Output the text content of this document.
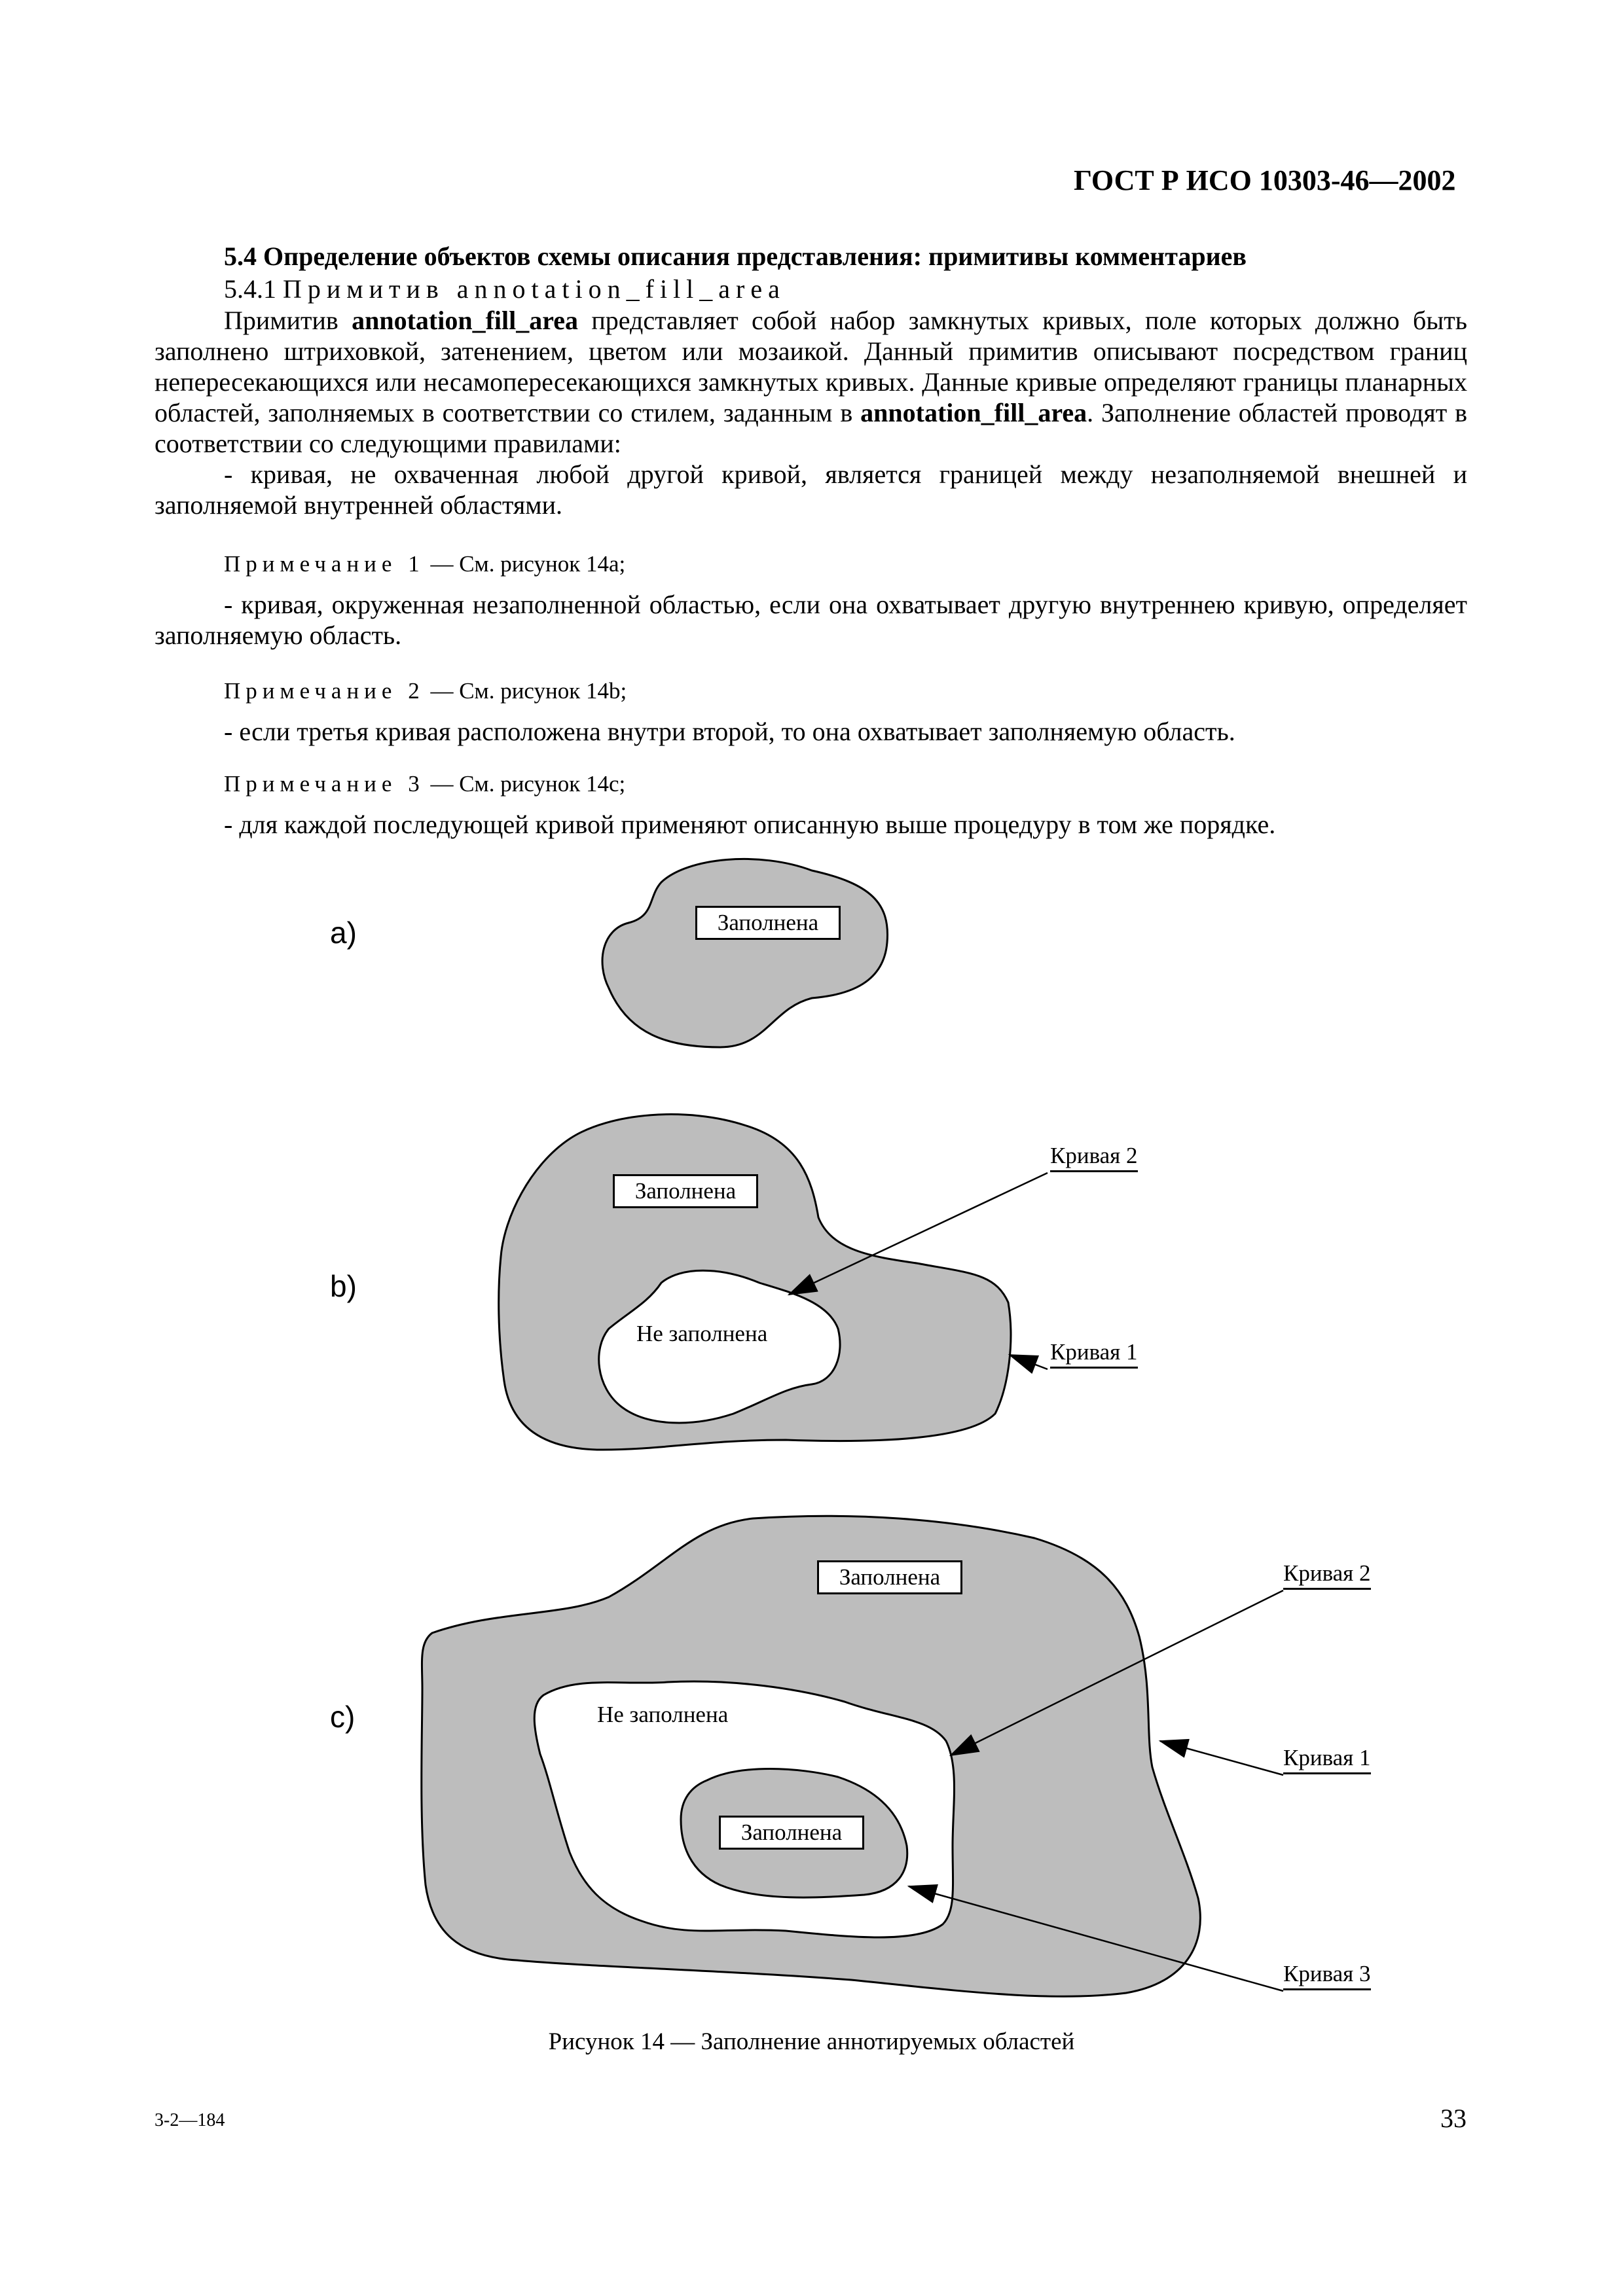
ГОСТ Р ИСО 10303-46—2002
5.4 Определение объектов схемы описания представления: примитивы комментариев
5.4.1 Примитив annotation_fill_area

Примитив annotation_fill_area представляет собой набор замкнутых кривых, поле которых должно быть заполнено штриховкой, затенением, цветом или мозаикой. Данный примитив описывают посредством границ непересекающихся или несамопересекающихся замкнутых кривых. Данные кривые определяют границы планарных областей, заполняемых в соответствии со стилем, заданным в annotation_fill_area. Заполнение областей проводят в соответствии со следующими правилами:

- кривая, не охваченная любой другой кривой, является границей между незаполняемой внешней и заполняемой внутренней областями.

Примечание 1 — См. рисунок 14а;
- кривая, окруженная незаполненной областью, если она охватывает другую внутреннею кривую, определяет заполняемую область.
Примечание 2 — См. рисунок 14b;
- если третья кривая расположена внутри второй, то она охватывает заполняемую область.
Примечание 3 — См. рисунок 14с;
- для каждой последующей кривой применяют описанную выше процедуру в том же порядке.
a)	Заполнена
b)
Заполнена
Не заполнена
Кривая 2
Кривая 1
c)
Заполнена
Не заполнена
Заполнена
Кривая 2
Кривая 1
Кривая 3
Рисунок 14 — Заполнение аннотируемых областей
3-2—184	33
